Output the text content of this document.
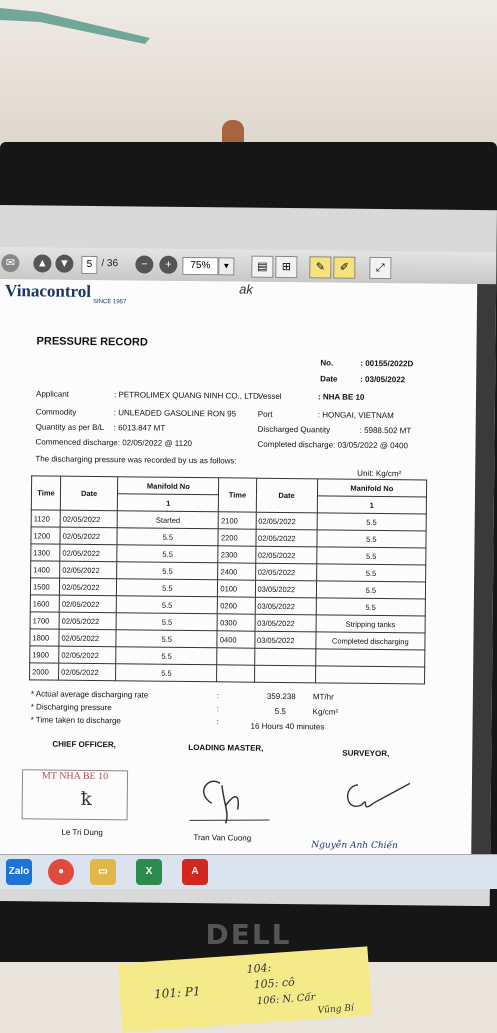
✉	▲ ▼	5 / 36	−	+	75%	▼	▤	⊞	✎	✐	⤢
Vinacontrol
SINCE 1957
ak
PRESSURE RECORD
No.	: 00155/2022D
Date	: 03/05/2022
Applicant	: PETROLIMEX QUANG NINH CO., LTD.
Vessel	: NHA BE 10
Commodity	: UNLEADED GASOLINE RON 95	Port	: HONGAI, VIETNAM
Quantity as per B/L : 6013.847 MT	Discharged Quantity	: 5988.502 MT
Commenced discharge: 02/05/2022 @ 1120	Completed discharge: 03/05/2022 @ 0400
The discharging pressure was recorded by us as follows:
Unit: Kg/cm²
Time	Date	Manifold No	Time	Date	Manifold No
		1			1
1120	02/05/2022	Started	2100	02/05/2022	5.5
1200	02/05/2022	5.5	2200	02/05/2022	5.5
1300	02/05/2022	5.5	2300	02/05/2022	5.5
1400	02/05/2022	5.5	2400	02/05/2022	5.5
1500	02/05/2022	5.5	0100	03/05/2022	5.5
1600	02/05/2022	5.5	0200	03/05/2022	5.5
1700	02/05/2022	5.5	0300	03/05/2022	Stripping tanks
1800	02/05/2022	5.5	0400	03/05/2022	Completed discharging
1900	02/05/2022	5.5			
2000	02/05/2022	5.5			
* Actual average discharging rate	:	359.238 MT/hr
* Discharging pressure	:	5.5	Kg/cm²
* Time taken to discharge	:	16 Hours 40 minutes
CHIEF OFFICER,	LOADING MASTER,
SURVEYOR,
MT NHA BE 10
ꝁ
Le Tri Dung
Tran Van Cuong
Nguyễn Anh Chiến
Zalo	●	▭	X	A
DELL
101: P1
104:
105: cô
106: N. Cấr
Vũng Bí
